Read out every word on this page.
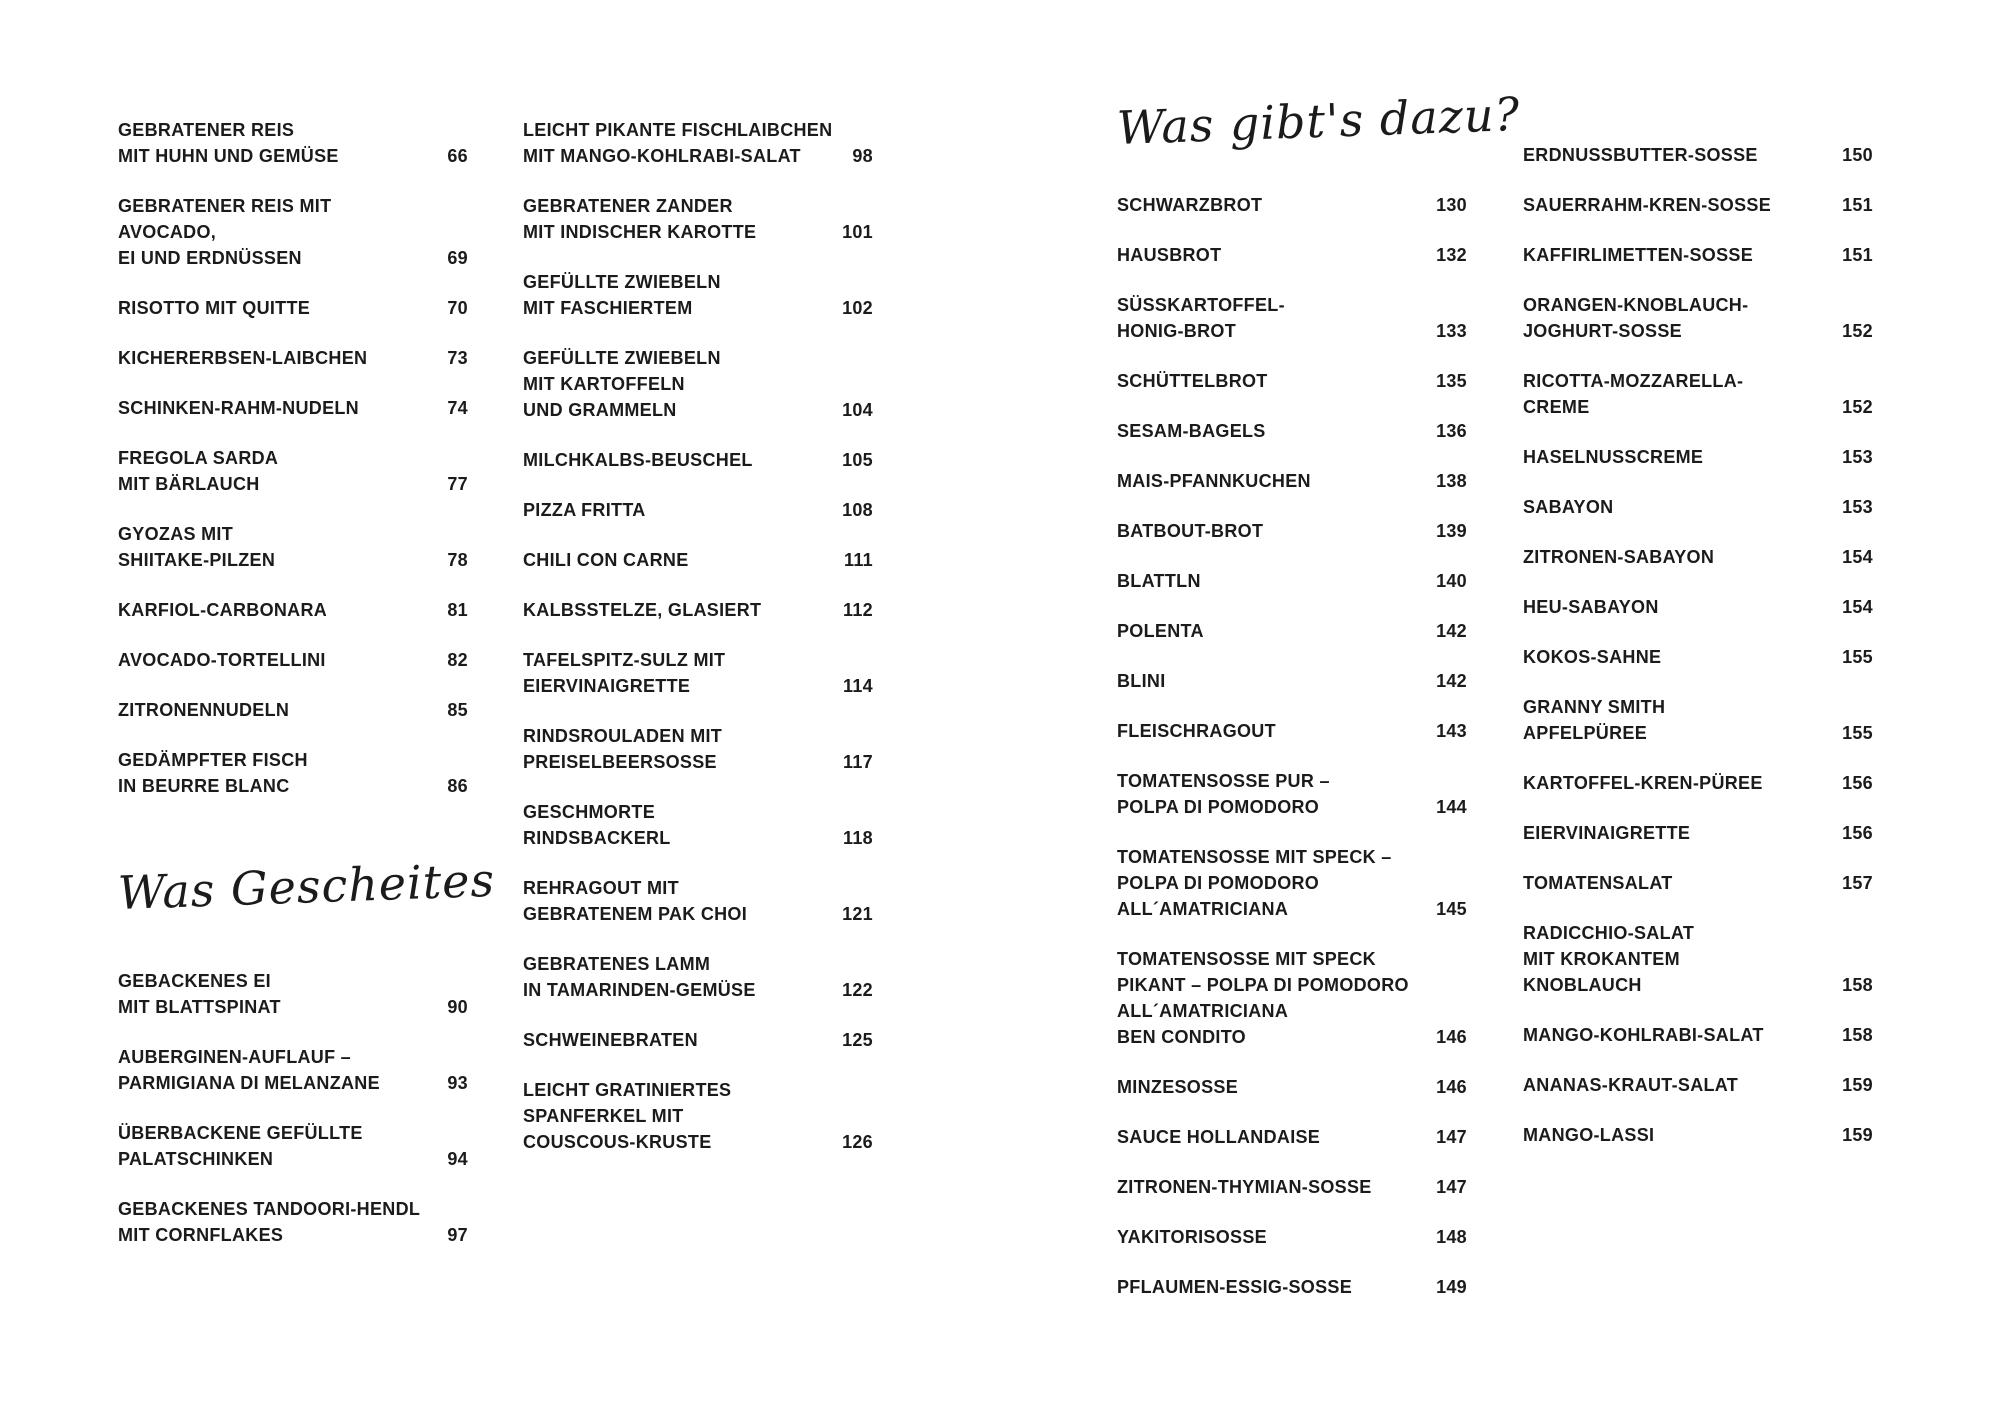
GEBRATENER REIS
MIT HUHN UND GEMÜSE	66
GEBRATENER REIS MIT
AVOCADO,
EI UND ERDNÜSSEN	69
RISOTTO MIT QUITTE	70
KICHERERBSEN-LAIBCHEN	73
SCHINKEN-RAHM-NUDELN	74
FREGOLA SARDA
MIT BÄRLAUCH	77
GYOZAS MIT
SHIITAKE-PILZEN	78
KARFIOL-CARBONARA	81
AVOCADO-TORTELLINI	82
ZITRONENNUDELN	85
GEDÄMPFTER FISCH
IN BEURRE BLANC	86
Was Gescheites
GEBACKENES EI
MIT BLATTSPINAT	90
AUBERGINEN-AUFLAUF –
PARMIGIANA DI MELANZANE	93
ÜBERBACKENE GEFÜLLTE
PALATSCHINKEN	94
GEBACKENES TANDOORI-HENDL
MIT CORNFLAKES	97
LEICHT PIKANTE FISCHLAIBCHEN
MIT MANGO-KOHLRABI-SALAT	98
GEBRATENER ZANDER
MIT INDISCHER KAROTTE	101
GEFÜLLTE ZWIEBELN
MIT FASCHIERTEM	102
GEFÜLLTE ZWIEBELN
MIT KARTOFFELN
UND GRAMMELN	104
MILCHKALBS-BEUSCHEL	105
PIZZA FRITTA	108
CHILI CON CARNE	111
KALBSSTELZE, GLASIERT	112
TAFELSPITZ-SULZ MIT
EIERVINAIGRETTE	114
RINDSROULADEN MIT
PREISELBEERSOSSE	117
GESCHMORTE
RINDSBACKERL	118
REHRAGOUT MIT
GEBRATENEM PAK CHOI	121
GEBRATENES LAMM
IN TAMARINDEN-GEMÜSE	122
SCHWEINEBRATEN	125
LEICHT GRATINIERTES
SPANFERKEL MIT
COUSCOUS-KRUSTE	126
Was gibt's dazu?
SCHWARZBROT	130
HAUSBROT	132
SÜSSKARTOFFEL-
HONIG-BROT	133
SCHÜTTELBROT	135
SESAM-BAGELS	136
MAIS-PFANNKUCHEN	138
BATBOUT-BROT	139
BLATTLN	140
POLENTA	142
BLINI	142
FLEISCHRAGOUT	143
TOMATENSOSSE PUR –
POLPA DI POMODORO	144
TOMATENSOSSE MIT SPECK –
POLPA DI POMODORO
ALL´AMATRICIANA	145
TOMATENSOSSE MIT SPECK
PIKANT – POLPA DI POMODORO
ALL´AMATRICIANA
BEN CONDITO	146
MINZESOSSE	146
SAUCE HOLLANDAISE	147
ZITRONEN-THYMIAN-SOSSE	147
YAKITORISOSSE	148
PFLAUMEN-ESSIG-SOSSE	149
ERDNUSSBUTTER-SOSSE	150
SAUERRAHM-KREN-SOSSE	151
KAFFIRLIMETTEN-SOSSE	151
ORANGEN-KNOBLAUCH-
JOGHURT-SOSSE	152
RICOTTA-MOZZARELLA-
CREME	152
HASELNUSSCREME	153
SABAYON	153
ZITRONEN-SABAYON	154
HEU-SABAYON	154
KOKOS-SAHNE	155
GRANNY SMITH
APFELPÜREE	155
KARTOFFEL-KREN-PÜREE	156
EIERVINAIGRETTE	156
TOMATENSALAT	157
RADICCHIO-SALAT
MIT KROKANTEM
KNOBLAUCH	158
MANGO-KOHLRABI-SALAT	158
ANANAS-KRAUT-SALAT	159
MANGO-LASSI	159
